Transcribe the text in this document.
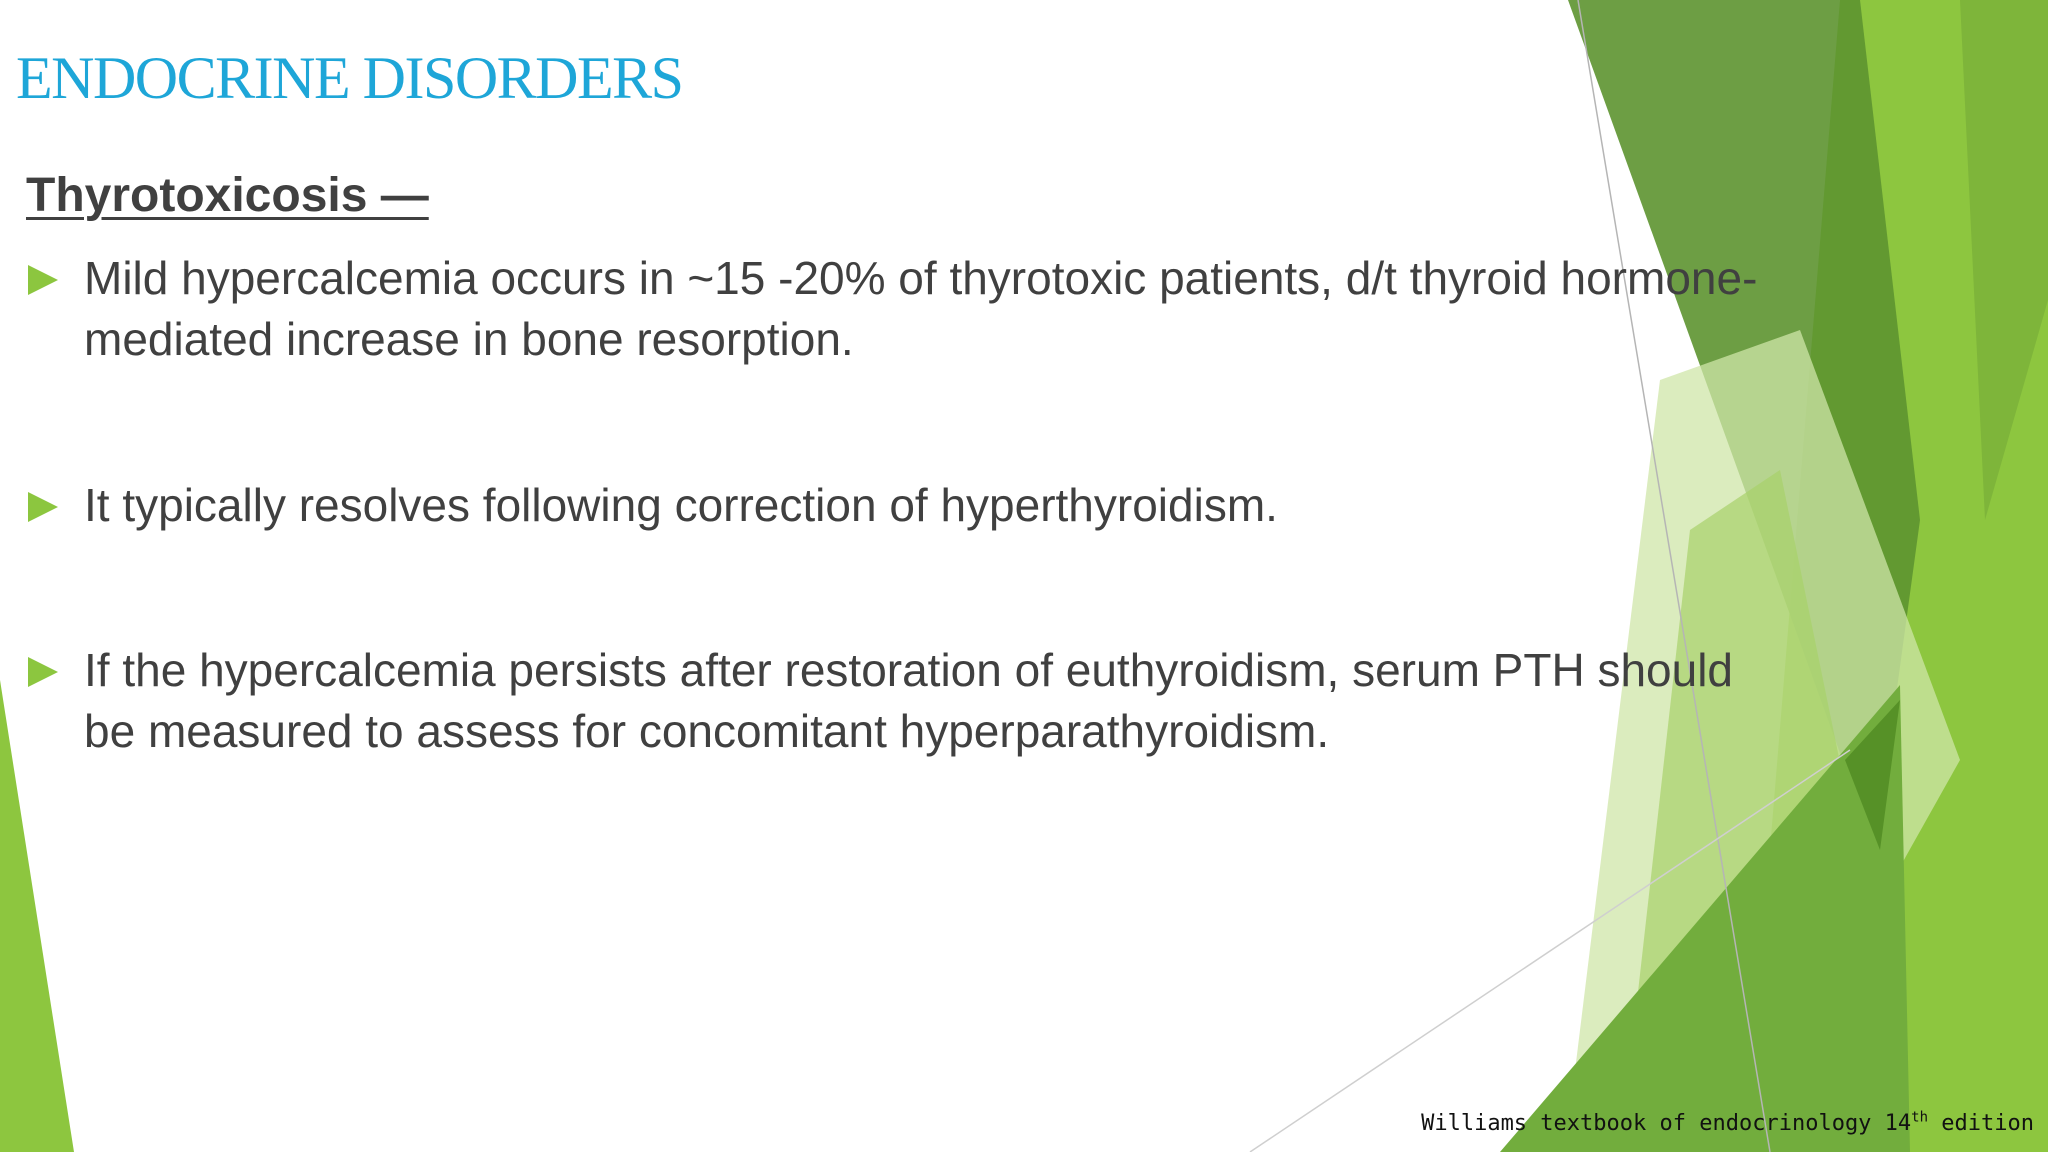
ENDOCRINE DISORDERS
Thyrotoxicosis —
Mild hypercalcemia occurs in ~15 -20% of thyrotoxic patients, d/t thyroid hormone-mediated increase in bone resorption.
It typically resolves following correction of hyperthyroidism.
If the hypercalcemia persists after restoration of euthyroidism, serum PTH should be measured to assess for concomitant hyperparathyroidism.
Williams textbook of endocrinology 14th edition
